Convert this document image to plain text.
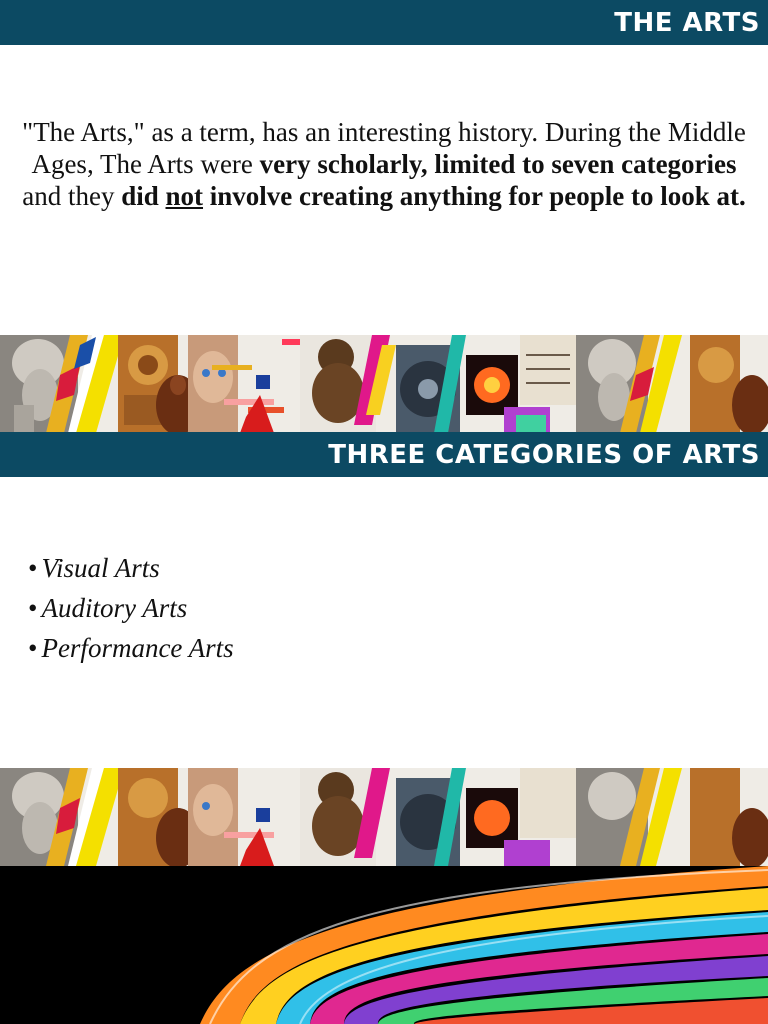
THE ARTS

"The Arts," as a term, has an interesting history. During the Middle Ages, The Arts were very scholarly, limited to seven categories and they did not involve creating anything for people to look at.

THREE CATEGORIES OF ARTS
• Visual Arts
• Auditory Arts
• Performance Arts
